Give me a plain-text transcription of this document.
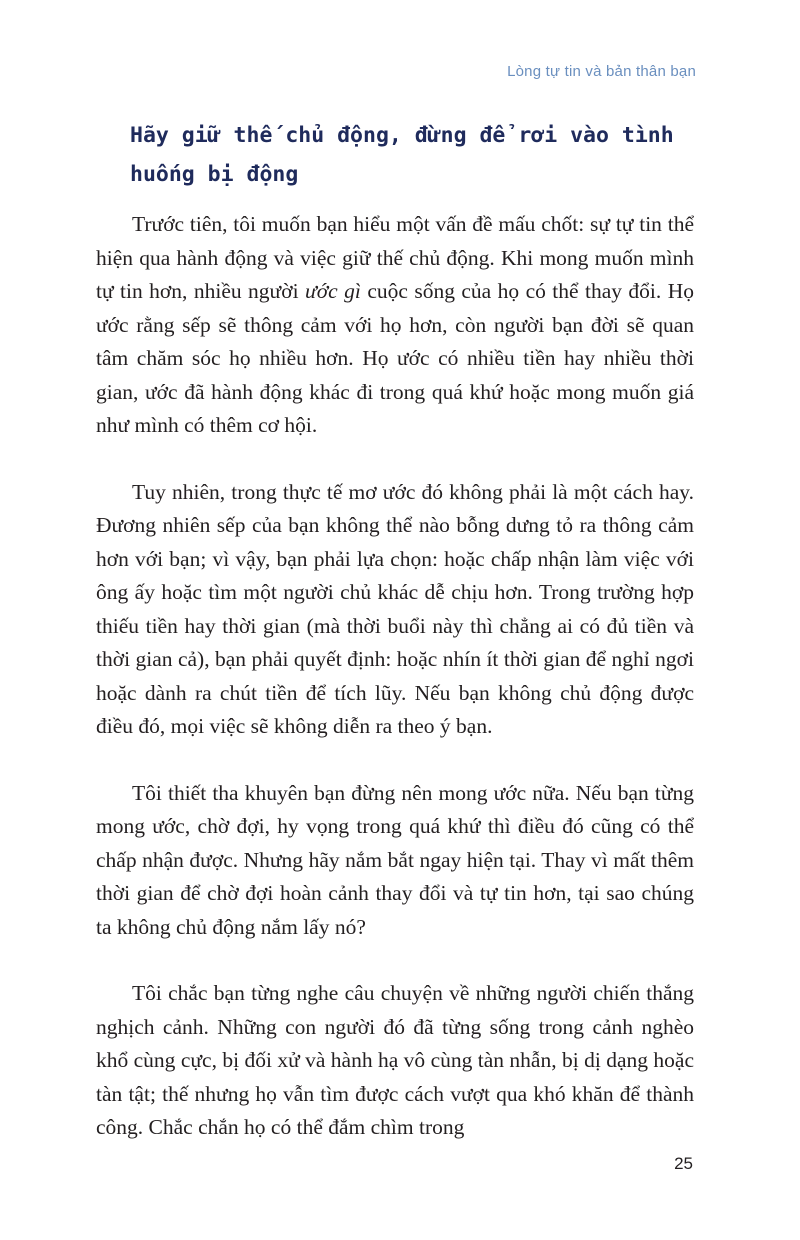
Lòng tự tin và bản thân bạn
Hãy giữ thế chủ động, đừng để rơi vào tình huống bị động

Trước tiên, tôi muốn bạn hiểu một vấn đề mấu chốt: sự tự tin thể hiện qua hành động và việc giữ thế chủ động. Khi mong muốn mình tự tin hơn, nhiều người ước gì cuộc sống của họ có thể thay đổi. Họ ước rằng sếp sẽ thông cảm với họ hơn, còn người bạn đời sẽ quan tâm chăm sóc họ nhiều hơn. Họ ước có nhiều tiền hay nhiều thời gian, ước đã hành động khác đi trong quá khứ hoặc mong muốn giá như mình có thêm cơ hội.

Tuy nhiên, trong thực tế mơ ước đó không phải là một cách hay. Đương nhiên sếp của bạn không thể nào bỗng dưng tỏ ra thông cảm hơn với bạn; vì vậy, bạn phải lựa chọn: hoặc chấp nhận làm việc với ông ấy hoặc tìm một người chủ khác dễ chịu hơn. Trong trường hợp thiếu tiền hay thời gian (mà thời buổi này thì chẳng ai có đủ tiền và thời gian cả), bạn phải quyết định: hoặc nhín ít thời gian để nghỉ ngơi hoặc dành ra chút tiền để tích lũy. Nếu bạn không chủ động được điều đó, mọi việc sẽ không diễn ra theo ý bạn.

Tôi thiết tha khuyên bạn đừng nên mong ước nữa. Nếu bạn từng mong ước, chờ đợi, hy vọng trong quá khứ thì điều đó cũng có thể chấp nhận được. Nhưng hãy nắm bắt ngay hiện tại. Thay vì mất thêm thời gian để chờ đợi hoàn cảnh thay đổi và tự tin hơn, tại sao chúng ta không chủ động nắm lấy nó?

Tôi chắc bạn từng nghe câu chuyện về những người chiến thắng nghịch cảnh. Những con người đó đã từng sống trong cảnh nghèo khổ cùng cực, bị đối xử và hành hạ vô cùng tàn nhẫn, bị dị dạng hoặc tàn tật; thế nhưng họ vẫn tìm được cách vượt qua khó khăn để thành công. Chắc chắn họ có thể đắm chìm trong

25
